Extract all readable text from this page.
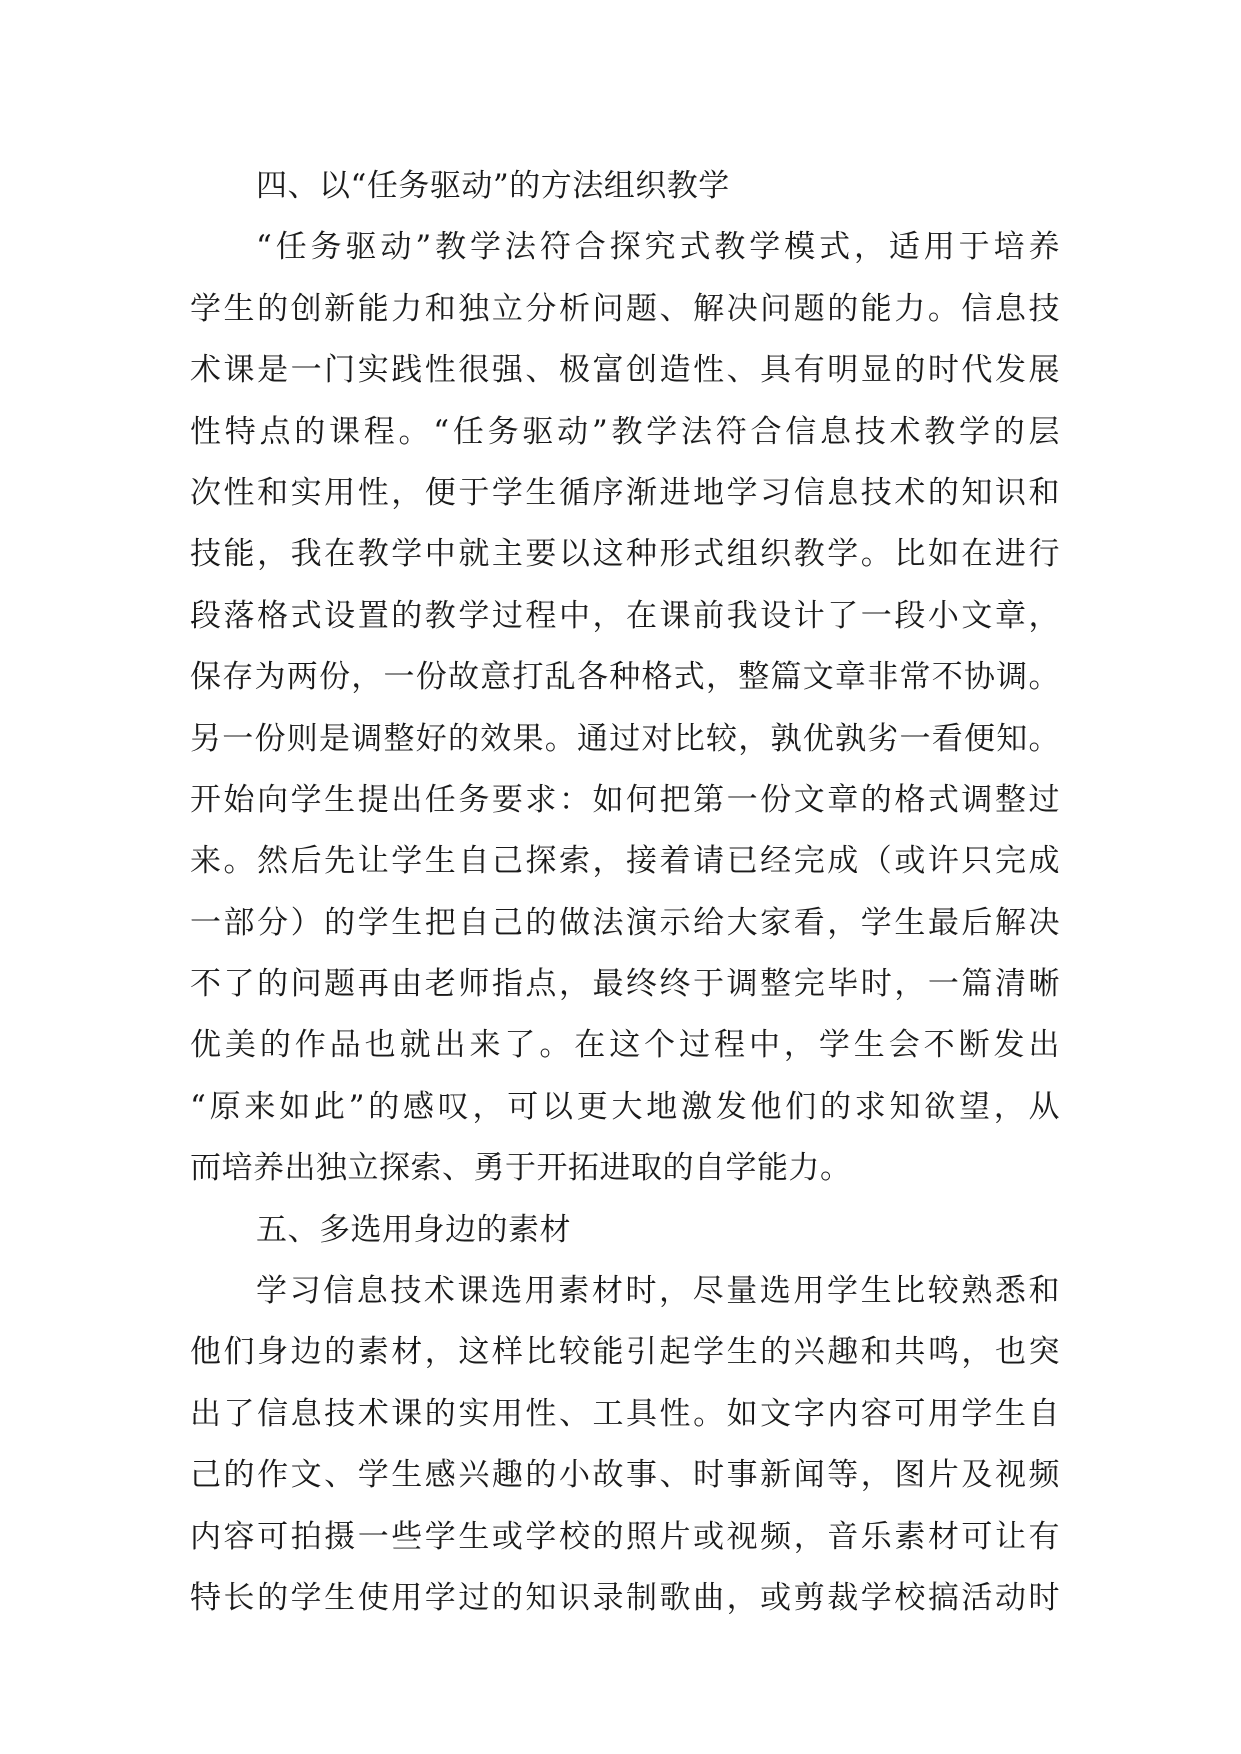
四、以“任务驱动”的方法组织教学
“任务驱动”教学法符合探究式教学模式，适用于培养
学生的创新能力和独立分析问题、解决问题的能力。信息技
术课是一门实践性很强、极富创造性、具有明显的时代发展
性特点的课程。“任务驱动”教学法符合信息技术教学的层
次性和实用性，便于学生循序渐进地学习信息技术的知识和
技能，我在教学中就主要以这种形式组织教学。比如在进行
段落格式设置的教学过程中，在课前我设计了一段小文章，
保存为两份，一份故意打乱各种格式，整篇文章非常不协调。
另一份则是调整好的效果。通过对比较，孰优孰劣一看便知。
开始向学生提出任务要求：如何把第一份文章的格式调整过
来。然后先让学生自己探索，接着请已经完成（或许只完成
一部分）的学生把自己的做法演示给大家看，学生最后解决
不了的问题再由老师指点，最终终于调整完毕时，一篇清晰
优美的作品也就出来了。在这个过程中，学生会不断发出
“原来如此”的感叹，可以更大地激发他们的求知欲望，从
而培养出独立探索、勇于开拓进取的自学能力。
五、多选用身边的素材
学习信息技术课选用素材时，尽量选用学生比较熟悉和
他们身边的素材，这样比较能引起学生的兴趣和共鸣，也突
出了信息技术课的实用性、工具性。如文字内容可用学生自
己的作文、学生感兴趣的小故事、时事新闻等，图片及视频
内容可拍摄一些学生或学校的照片或视频，音乐素材可让有
特长的学生使用学过的知识录制歌曲，或剪裁学校搞活动时
